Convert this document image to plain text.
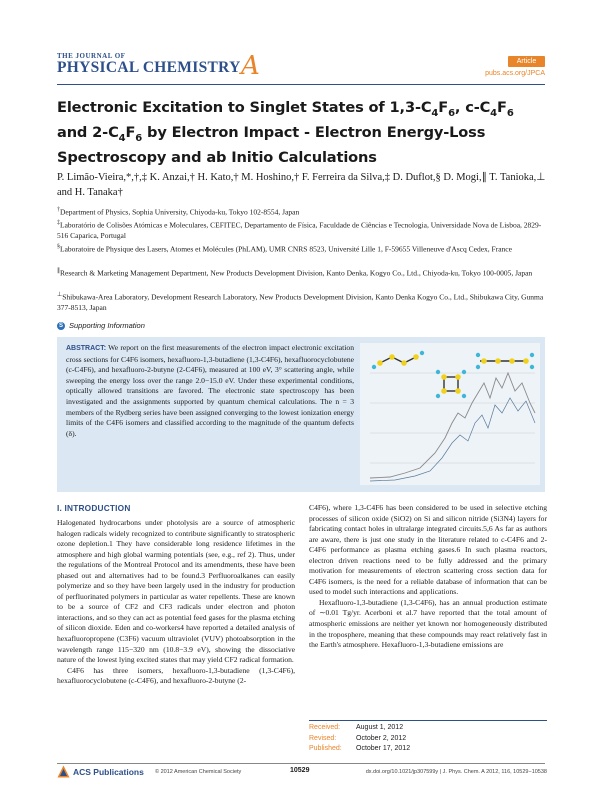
THE JOURNAL OF
PHYSICAL CHEMISTRY A	Article
pubs.acs.org/JPCA
Electronic Excitation to Singlet States of $1,3-C_4F_6$, $c-C_4F_6$ and $2-C_4F_6$ by Electron Impact - Electron Energy-Loss Spectroscopy and ab Initio Calculations
P. Limão-Vieira,*,†,‡ K. Anzai,† H. Kato,† M. Hoshino,† F. Ferreira da Silva,‡ D. Duflot,§ D. Mogi,∥ T. Tanioka,⊥ and H. Tanaka†
†Department of Physics, Sophia University, Chiyoda-ku, Tokyo 102-8554, Japan
‡Laboratório de Colisões Atómicas e Moleculares, CEFITEC, Departamento de Física, Faculdade de Ciências e Tecnologia, Universidade Nova de Lisboa, 2829-516 Caparica, Portugal
§Laboratoire de Physique des Lasers, Atomes et Molécules (PhLAM), UMR CNRS 8523, Université Lille 1, F-59655 Villeneuve d'Ascq Cedex, France
∥Research & Marketing Management Department, New Products Development Division, Kanto Denka, Kogyo Co., Ltd., Chiyoda-ku, Tokyo 100-0005, Japan
⊥Shibukawa-Area Laboratory, Development Research Laboratory, New Products Development Division, Kanto Denka Kogyo Co., Ltd., Shibukawa City, Gunma 377-8513, Japan
S Supporting Information
ABSTRACT: We report on the first measurements of the electron impact electronic excitation cross sections for C4F6 isomers, hexafluoro-1,3-butadiene (1,3-C4F6), hexafluorocyclobutene (c-C4F6), and hexafluoro-2-butyne (2-C4F6), measured at 100 eV, 3° scattering angle, while sweeping the energy loss over the range 2.0−15.0 eV. Under these experimental conditions, optically allowed transitions are favored. The electronic state spectroscopy has been investigated and the assignments supported by quantum chemical calculations. The n = 3 members of the Rydberg series have been assigned converging to the lowest ionization energy limits of the C4F6 isomers and classified according to the magnitude of the quantum defects (δ).
I. INTRODUCTION

Halogenated hydrocarbons under photolysis are a source of atmospheric halogen radicals widely recognized to contribute significantly to stratospheric ozone depletion.1 They have considerable long residence lifetimes in the atmosphere and high global warming potentials (see, e.g., ref 2). Thus, under the regulations of the Montreal Protocol and its amendments, these have been phased out and alternatives had to be found.3 Perfluoroalkanes can easily polymerize and so they have been largely used in the industry for production of perfluorinated polymers in particular as water repellents. These are known to be a source of CF2 and CF3 radicals under electron and photon interactions, and so they can act as potential feed gases for the plasma etching of silicon dioxide. Eden and co-workers4 have reported a detailed analysis of hexafluoropropene (C3F6) vacuum ultraviolet (VUV) photoabsorption in the wavelength range 115−320 nm (10.8−3.9 eV), showing the dissociative nature of the lowest lying excited states that may yield CF2 radical formation.

C4F6 has three isomers, hexafluoro-1,3-butadiene (1,3-C4F6), hexafluorocyclobutene (c-C4F6), and hexafluoro-2-butyne (2-

C4F6), where 1,3-C4F6 has been considered to be used in selective etching processes of silicon oxide (SiO2) on Si and silicon nitride (Si3N4) layers for fabricating contact holes in ultralarge integrated circuits.5,6 As far as authors are aware, there is just one study in the literature related to c-C4F6 and 2-C4F6 performance as plasma etching gases.6 In such plasma reactors, electron driven reactions need to be fully addressed and the primary motivation for measurements of electron scattering cross section data for C4F6 isomers, is the need for a reliable database of information that can be used to model such interactions and applications.

Hexafluoro-1,3-butadiene (1,3-C4F6), has an annual production estimate of ∼0.01 Tg/yr. Acerboni et al.7 have reported that the total amount of atmospheric emissions are neither yet known nor homogeneously distributed in the troposphere, meaning that these compounds may react relatively fast in the Earth's atmosphere. Hexafluoro-1,3-butadiene emissions are

Received: August 1, 2012
Revised:	October 2, 2012
Published: October 17, 2012
ACS Publications © 2012 American Chemical Society	10529	dx.doi.org/10.1021/jp307599y | J. Phys. Chem. A 2012, 116, 10529−10538
